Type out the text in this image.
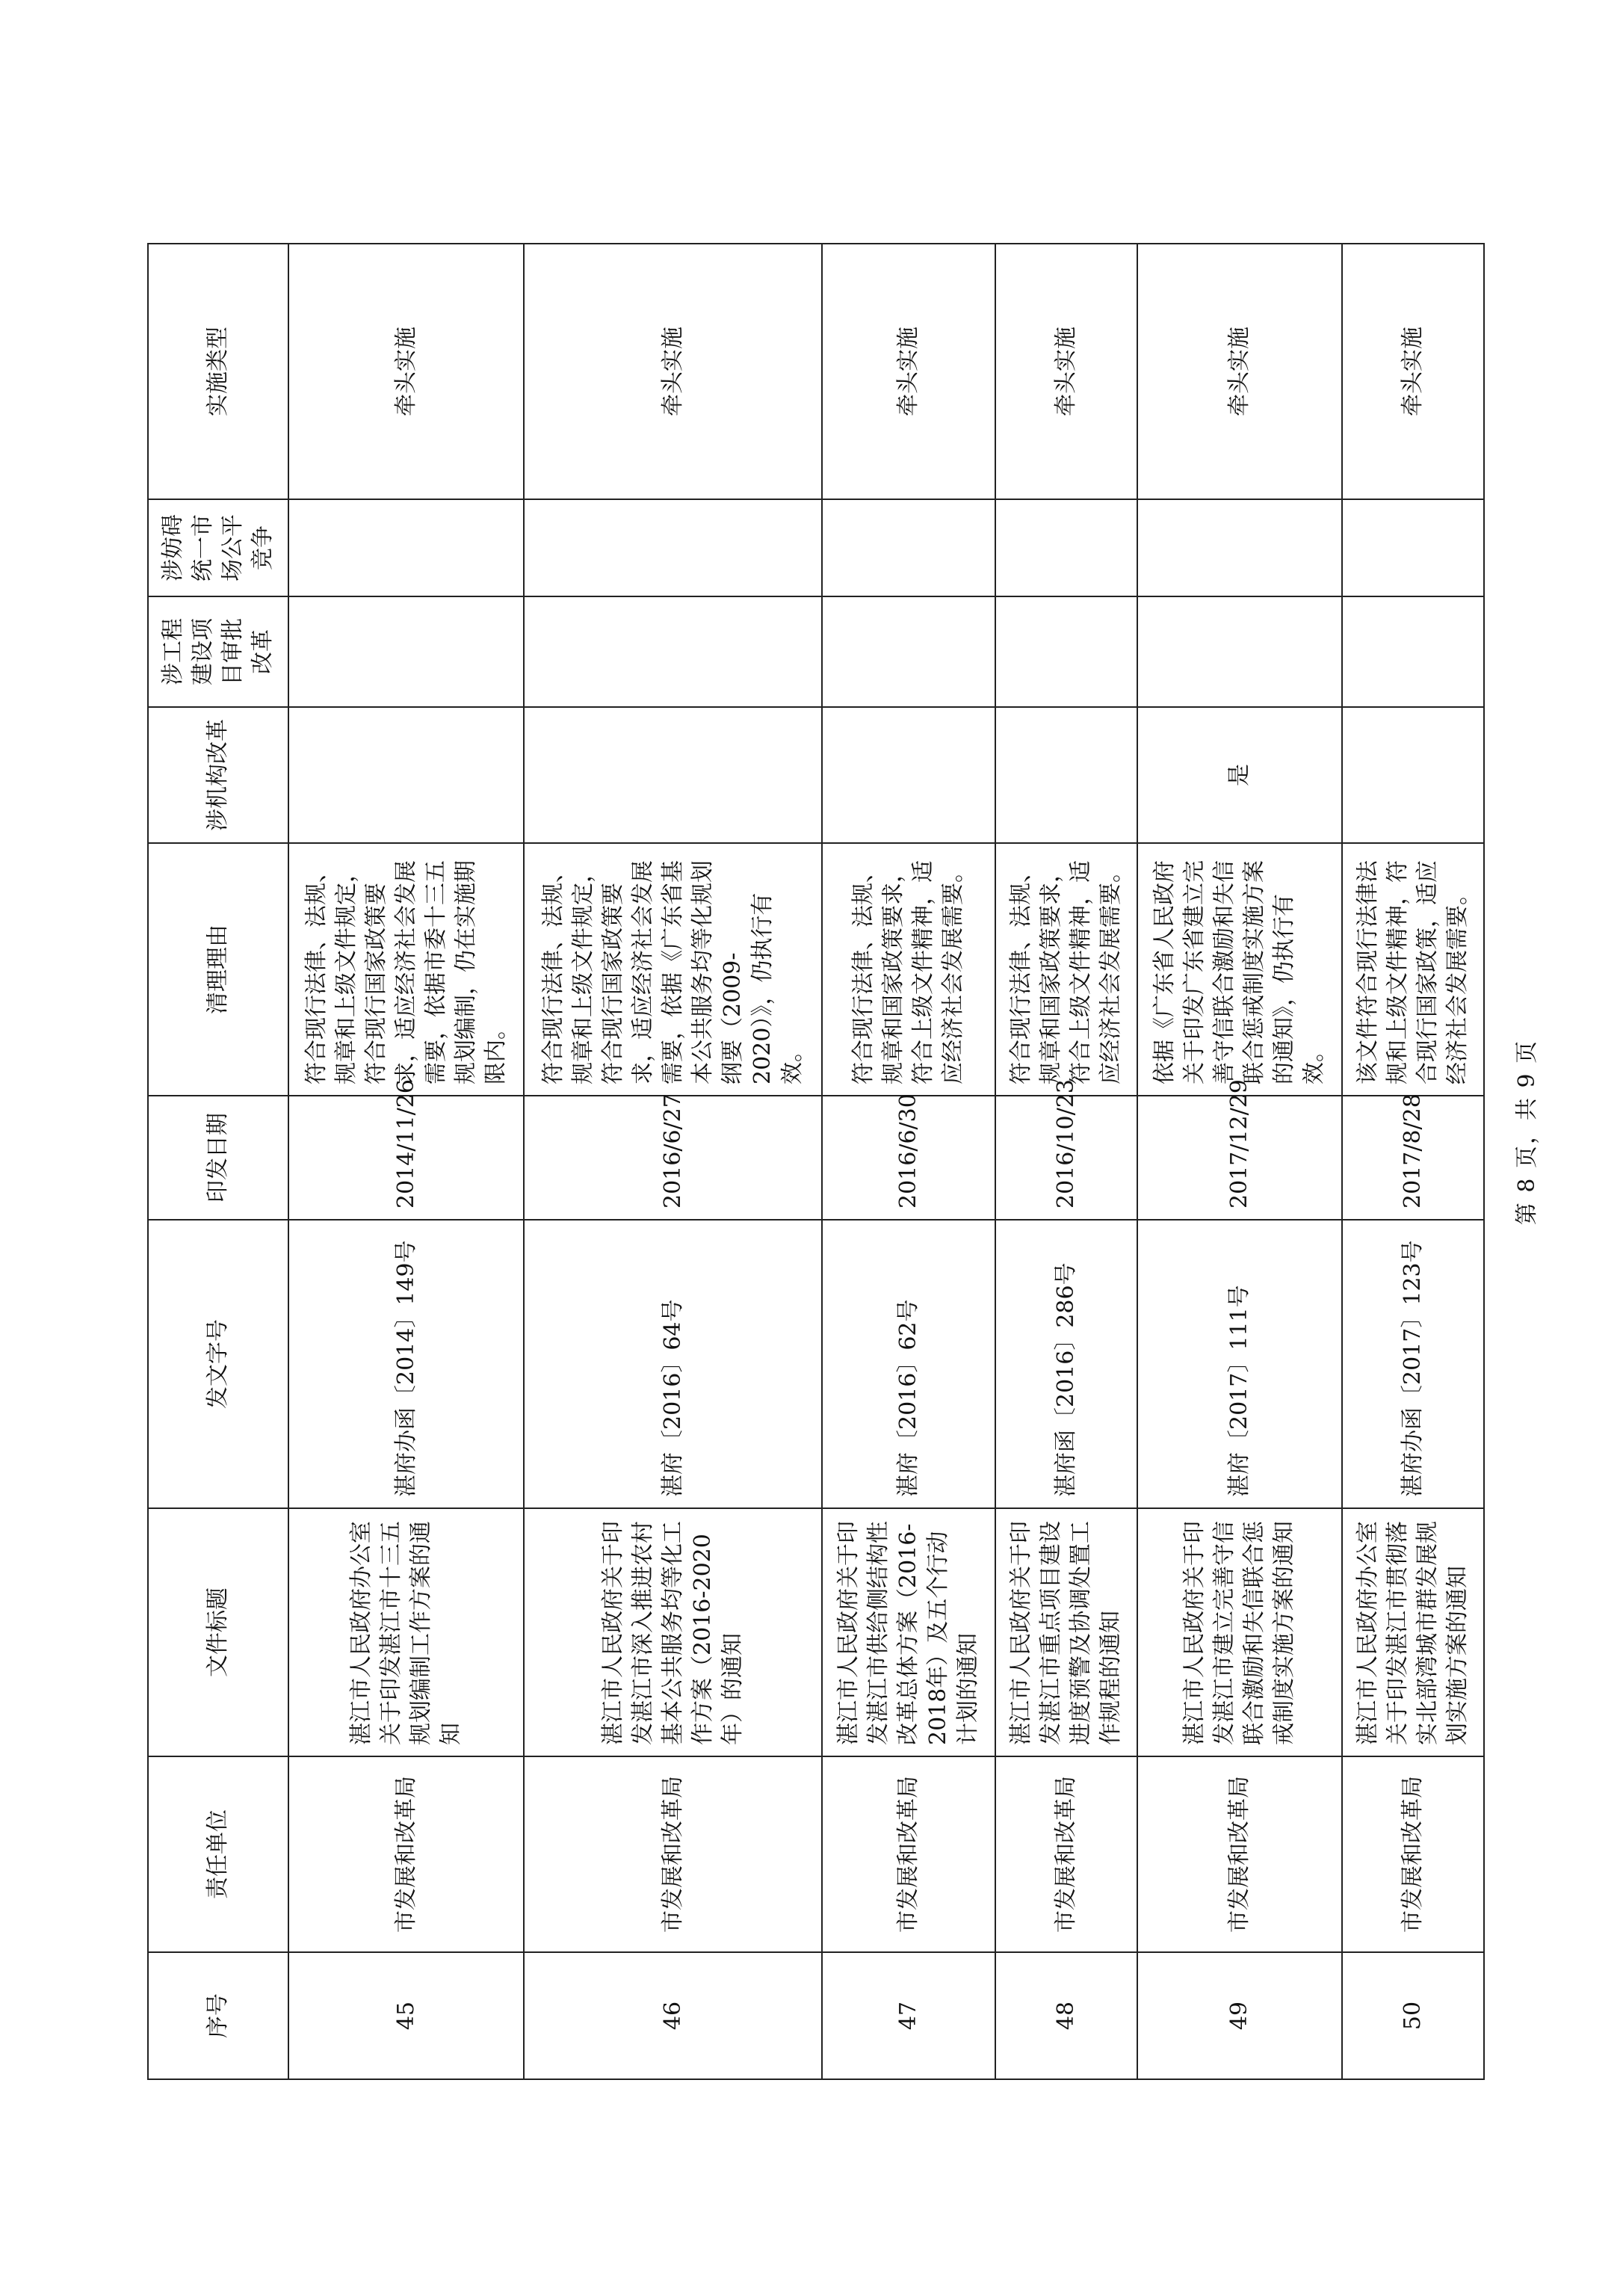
序号	责任单位	文件标题	发文字号	印发日期	清理理由	涉机构改革	涉工程建设项目审批改革	涉妨碍统一市场公平竞争	实施类型
45	市发展和改革局	湛江市人民政府办公室关于印发湛江市十三五规划编制工作方案的通知	湛府办函〔2014〕149号	2014/11/26	符合现行法律、法规、规章和上级文件规定，符合现行国家政策要求，适应经济社会发展需要，依据市委十三五规划编制，仍在实施期限内。				牵头实施
46	市发展和改革局	湛江市人民政府关于印发湛江市深入推进农村基本公共服务均等化工作方案（2016-2020年）的通知	湛府〔2016〕64号	2016/6/27	符合现行法律、法规、规章和上级文件规定，符合现行国家政策要求，适应经济社会发展需要，依据《广东省基本公共服务均等化规划纲要（2009-2020）》，仍执行有效。				牵头实施
47	市发展和改革局	湛江市人民政府关于印发湛江市供给侧结构性改革总体方案（2016-2018年）及五个行动计划的通知	湛府〔2016〕62号	2016/6/30	符合现行法律、法规、规章和国家政策要求，符合上级文件精神，适应经济社会发展需要。				牵头实施
48	市发展和改革局	湛江市人民政府关于印发湛江市重点项目建设进度预警及协调处置工作规程的通知	湛府函〔2016〕286号	2016/10/23	符合现行法律、法规、规章和国家政策要求，符合上级文件精神，适应经济社会发展需要。				牵头实施
49	市发展和改革局	湛江市人民政府关于印发湛江市建立完善守信联合激励和失信联合惩戒制度实施方案的通知	湛府〔2017〕111号	2017/12/29	依据《广东省人民政府关于印发广东省建立完善守信联合激励和失信联合惩戒制度实施方案的通知》，仍执行有效。	是			牵头实施
50	市发展和改革局	湛江市人民政府办公室关于印发湛江市贯彻落实北部湾城市群发展规划实施方案的通知	湛府办函〔2017〕123号	2017/8/28	该文件符合现行法律法规和上级文件精神，符合现行国家政策，适应经济社会发展需要。				牵头实施
第 8 页，共 9 页
